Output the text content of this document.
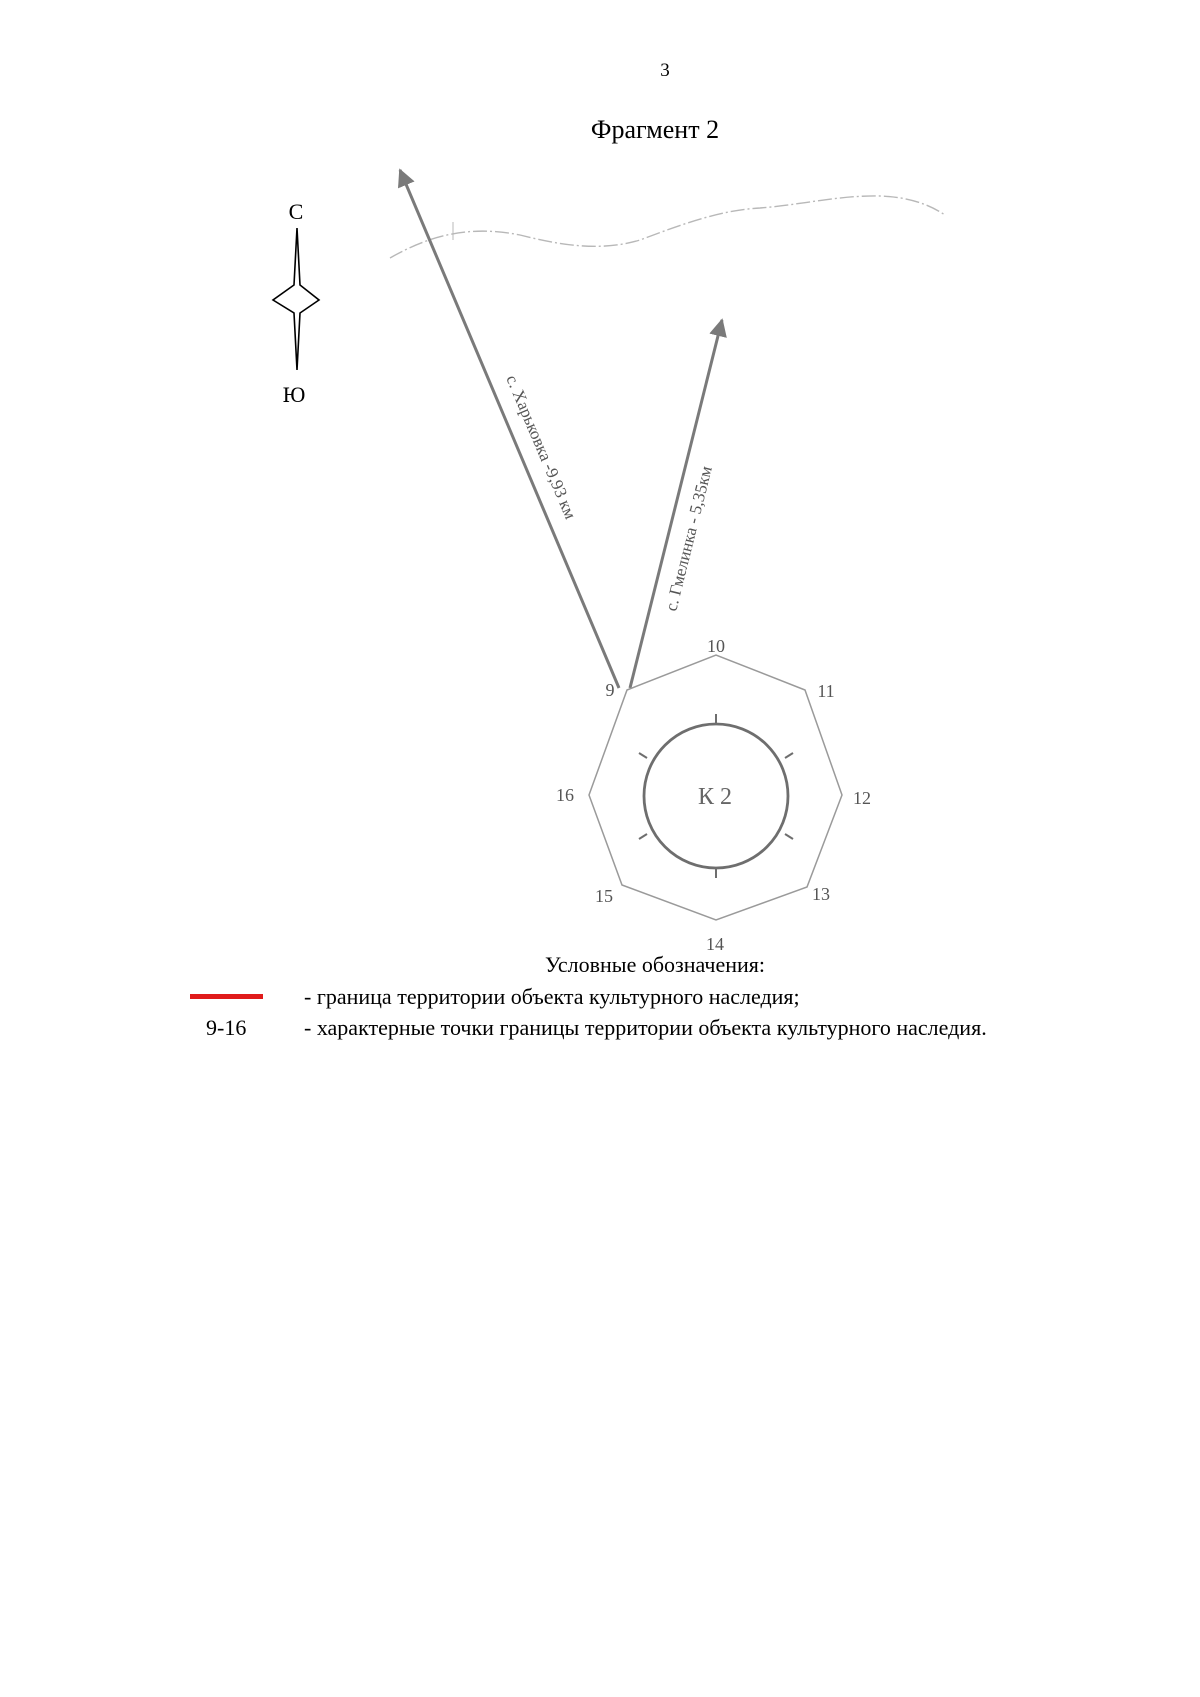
3
Фрагмент 2
С
Ю	с. Харьковка -9,93 км
с. Гмелинка - 5,35км
К 2
9
10
11
12
13
14
15
16
Условные обозначения:
- граница территории объекта культурного наследия;
9-16	- характерные точки границы территории объекта культурного наследия.
